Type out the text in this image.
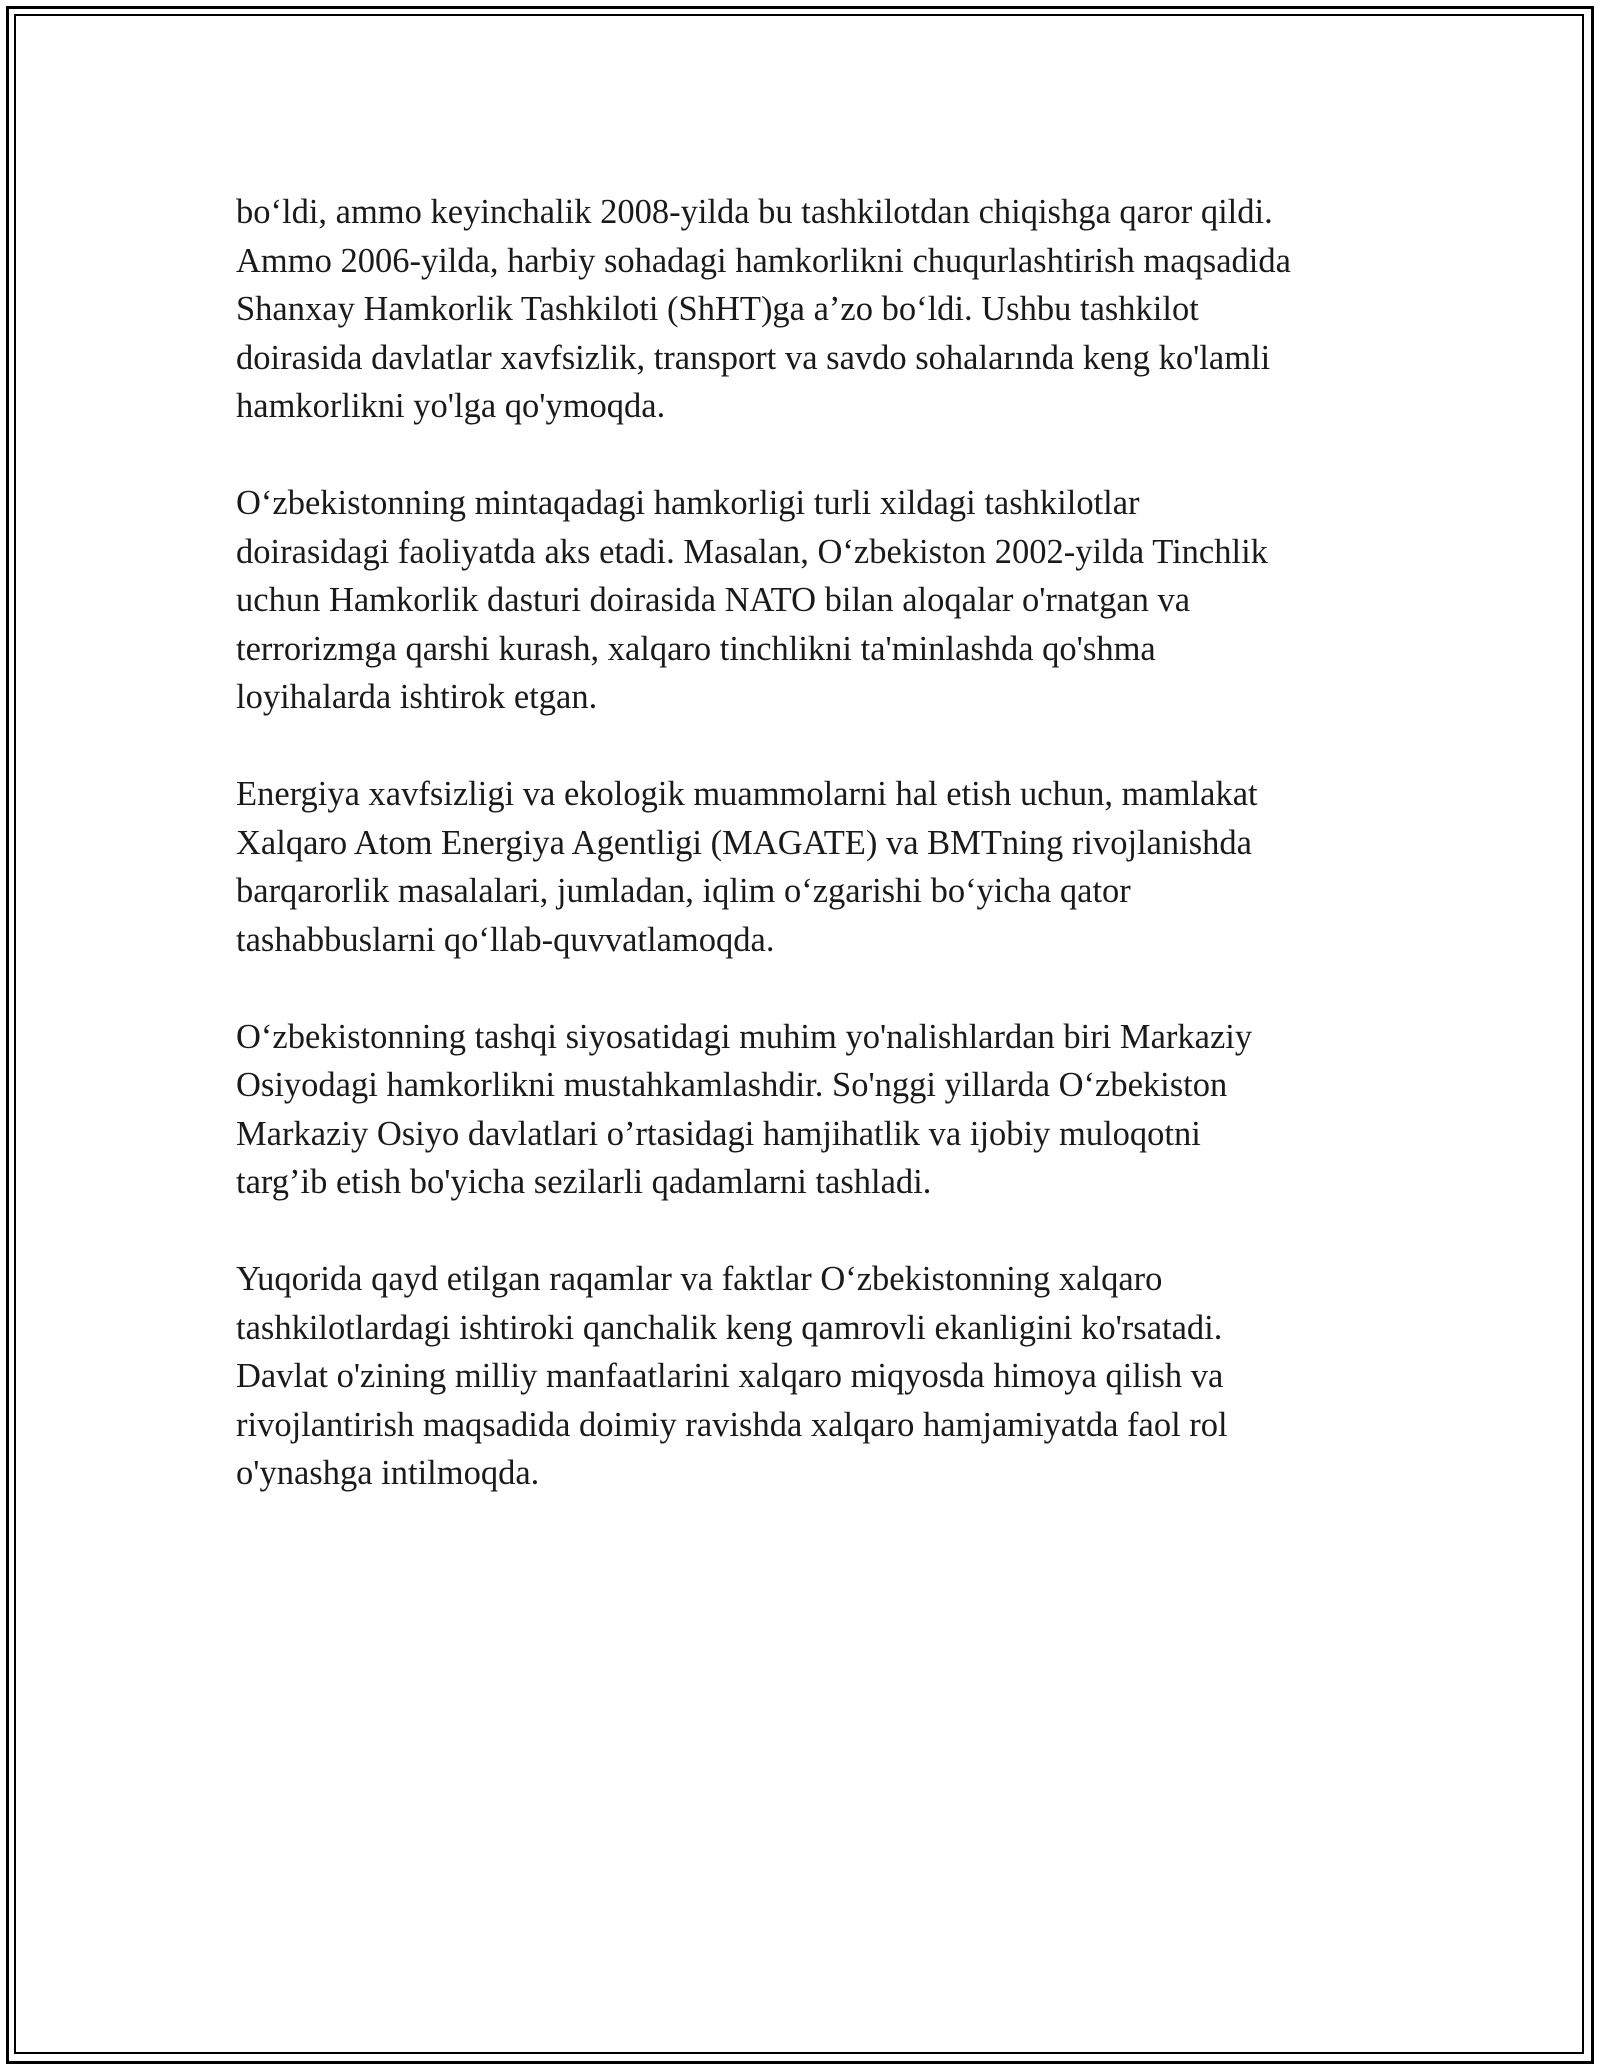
bo‘ldi, ammo keyinchalik 2008-yilda bu tashkilotdan chiqishga qaror qildi.
Ammo 2006-yilda, harbiy sohadagi hamkorlikni chuqurlashtirish maqsadida
Shanxay Hamkorlik Tashkiloti (ShHT)ga a’zo bo‘ldi. Ushbu tashkilot
doirasida davlatlar xavfsizlik, transport va savdo sohalarında keng ko'lamli
hamkorlikni yo'lga qo'ymoqda.

O‘zbekistonning mintaqadagi hamkorligi turli xildagi tashkilotlar
doirasidagi faoliyatda aks etadi. Masalan, O‘zbekiston 2002-yilda Tinchlik
uchun Hamkorlik dasturi doirasida NATO bilan aloqalar o'rnatgan va
terrorizmga qarshi kurash, xalqaro tinchlikni ta'minlashda qo'shma
loyihalarda ishtirok etgan.

Energiya xavfsizligi va ekologik muammolarni hal etish uchun, mamlakat
Xalqaro Atom Energiya Agentligi (MAGATE) va BMTning rivojlanishda
barqarorlik masalalari, jumladan, iqlim o‘zgarishi bo‘yicha qator
tashabbuslarni qo‘llab-quvvatlamoqda.

O‘zbekistonning tashqi siyosatidagi muhim yo'nalishlardan biri Markaziy
Osiyodagi hamkorlikni mustahkamlashdir. So'nggi yillarda O‘zbekiston
Markaziy Osiyo davlatlari o’rtasidagi hamjihatlik va ijobiy muloqotni
targ’ib etish bo'yicha sezilarli qadamlarni tashladi.

Yuqorida qayd etilgan raqamlar va faktlar O‘zbekistonning xalqaro
tashkilotlardagi ishtiroki qanchalik keng qamrovli ekanligini ko'rsatadi.
Davlat o'zining milliy manfaatlarini xalqaro miqyosda himoya qilish va
rivojlantirish maqsadida doimiy ravishda xalqaro hamjamiyatda faol rol
o'ynashga intilmoqda.
